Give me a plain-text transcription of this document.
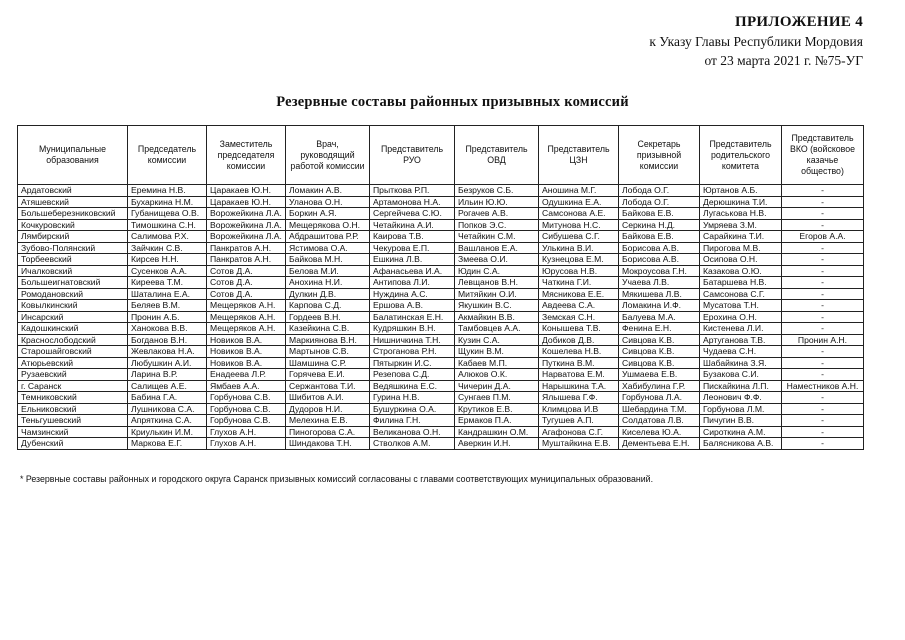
ПРИЛОЖЕНИЕ 4
к Указу Главы Республики Мордовия
от 23 марта 2021 г. №75-УГ
Резервные составы районных призывных комиссий
Муниципальные образования	Председатель комиссии	Заместитель председателя комиссии	Врач, руководящий работой комиссии	Представитель РУО	Представитель ОВД	Представитель ЦЗН	Секретарь призывной комиссии	Представитель родительского комитета	Представитель ВКО (войсковое казачье общество)
Ардатовский	Еремина Н.В.	Царакаев Ю.Н.	Ломакин А.В.	Прыткова Р.П.	Безруков С.Б.	Аношина М.Г.	Лобода О.Г.	Юртанов А.Б.	-
Атяшевский	Бухаркина Н.М.	Царакаев Ю.Н.	Уланова О.Н.	Артамонова Н.А.	Ильин Ю.Ю.	Одушкина Е.А.	Лобода О.Г.	Дерюшкина Т.И.	-
Большеберезниковский	Губанищева О.В.	Ворожейкина Л.А.	Боркин А.Я.	Сергейчева С.Ю.	Рогачев А.В.	Самсонова А.Е.	Байкова Е.В.	Лугаськова Н.В.	-
Кочкуровский	Тимошкина С.Н.	Ворожейкина Л.А.	Мещерякова О.Н.	Четайкина А.И.	Попков Э.С.	Митунова Н.С.	Серкина Н.Д.	Умряева З.М.	-
Лямбирский	Салимова Р.Х.	Ворожейкина Л.А.	Абдрашитова Р.Р.	Каирова Т.В.	Четайкин С.М.	Сибушева С.Г.	Байкова Е.В.	Сарайкина Т.И.	Егоров А.А.
Зубово-Полянский	Зайчкин С.В.	Панкратов А.Н.	Ястимова О.А.	Чекурова Е.П.	Вашланов Е.А.	Улькина В.И.	Борисова А.В.	Пирогова М.В.	-
Торбеевский	Кирсев Н.Н.	Панкратов А.Н.	Байкова М.Н.	Ешкина Л.В.	Змеева О.И.	Кузнецова Е.М.	Борисова А.В.	Осипова О.Н.	-
Ичалковский	Сусенков А.А.	Сотов Д.А.	Белова М.И.	Афанасьева И.А.	Юдин С.А.	Юрусова Н.В.	Мокроусова Г.Н.	Казакова О.Ю.	-
Большеигнатовский	Киреева Т.М.	Сотов Д.А.	Анохина Н.И.	Антипова Л.И.	Левщанов В.Н.	Чаткина Г.И.	Учаева Л.В.	Батаршева Н.В.	-
Ромодановский	Шаталина Е.А.	Сотов Д.А.	Дулкин Д.В.	Нуждина А.С.	Митяйкин О.И.	Мясникова Е.Е.	Мякишева Л.В.	Самсонова С.Г.	-
Ковылкинский	Беляев В.М.	Мещеряков А.Н.	Карпова С.Д.	Ершова А.В.	Якушкин В.С.	Авдеева С.А.	Ломакина И.Ф.	Мусатова Т.Н.	-
Инсарский	Пронин А.Б.	Мещеряков А.Н.	Гордеев В.Н.	Балатинская Е.Н.	Акмайкин В.В.	Земская С.Н.	Балуева М.А.	Ерохина О.Н.	-
Кадошкинский	Ханокова В.В.	Мещеряков А.Н.	Казейкина С.В.	Кудряшкин В.Н.	Тамбовцев А.А.	Конышева Т.В.	Фенина Е.Н.	Кистенева Л.И.	-
Краснослободский	Богданов В.Н.	Новиков В.А.	Маркиянова В.Н.	Нишничкина Т.Н.	Кузин С.А.	Добиков Д.В.	Сивцова К.В.	Артуганова Т.В.	Пронин А.Н.
Старошайговский	Жевлакова Н.А.	Новиков В.А.	Мартынов С.В.	Строганова Р.Н.	Щукин В.М.	Кошелева Н.В.	Сивцова К.В.	Чудаева С.Н.	-
Атюрьевский	Любушкин А.И.	Новиков В.А.	Шамшина С.Р.	Пятыркин И.С.	Кабаев М.П.	Путкина В.М.	Сивцова К.В.	Шабайкина З.Я.	-
Рузаевский	Ларина В.Р.	Енадеева Л.Р.	Горячева Е.И.	Резепова С.Д.	Алюков О.К.	Нарватова Е.М.	Ушмаева Е.В.	Бузакова С.И.	-
г. Саранск	Салищев А.Е.	Ямбаев А.А.	Сержантова Т.И.	Ведяшкина Е.С.	Чичерин Д.А.	Нарышкина Т.А.	Хабибулина Г.Р.	Пискайкина Л.П.	Наместников А.Н.
Темниковский	Бабина Г.А.	Горбунова С.В.	Шибитов А.И.	Гурина Н.В.	Сунгаев П.М.	Ялышева Г.Ф.	Горбунова Л.А.	Леонович Ф.Ф.	-
Ельниковский	Лушникова С.А.	Горбунова С.В.	Дудоров Н.И.	Бушуркина О.А.	Крутиков Е.В.	Климцова И.В	Шебардина Т.М.	Горбунова Л.М.	-
Теньгушевский	Апряткина С.А.	Горбунова С.В.	Мелехина Е.В.	Филина Г.Н.	Ермаков П.А.	Тугушев А.П.	Солдатова Л.В.	Пичугин В.В.	-
Чамзинский	Криулькин И.М.	Глухов А.Н.	Пиногорова С.А.	Великанова О.Н.	Кандрашкин О.М.	Агафонова С.Г.	Киселева Ю.А.	Сироткина А.М.	-
Дубенский	Маркова Е.Г.	Глухов А.Н.	Шиндакова Т.Н.	Стволков А.М.	Аверкин И.Н.	Муштайкина Е.В.	Дементьева Е.Н.	Балясникова А.В.	-
* Резервные составы районных и городского округа Саранск призывных комиссий согласованы с главами соответствующих муниципальных образований.
